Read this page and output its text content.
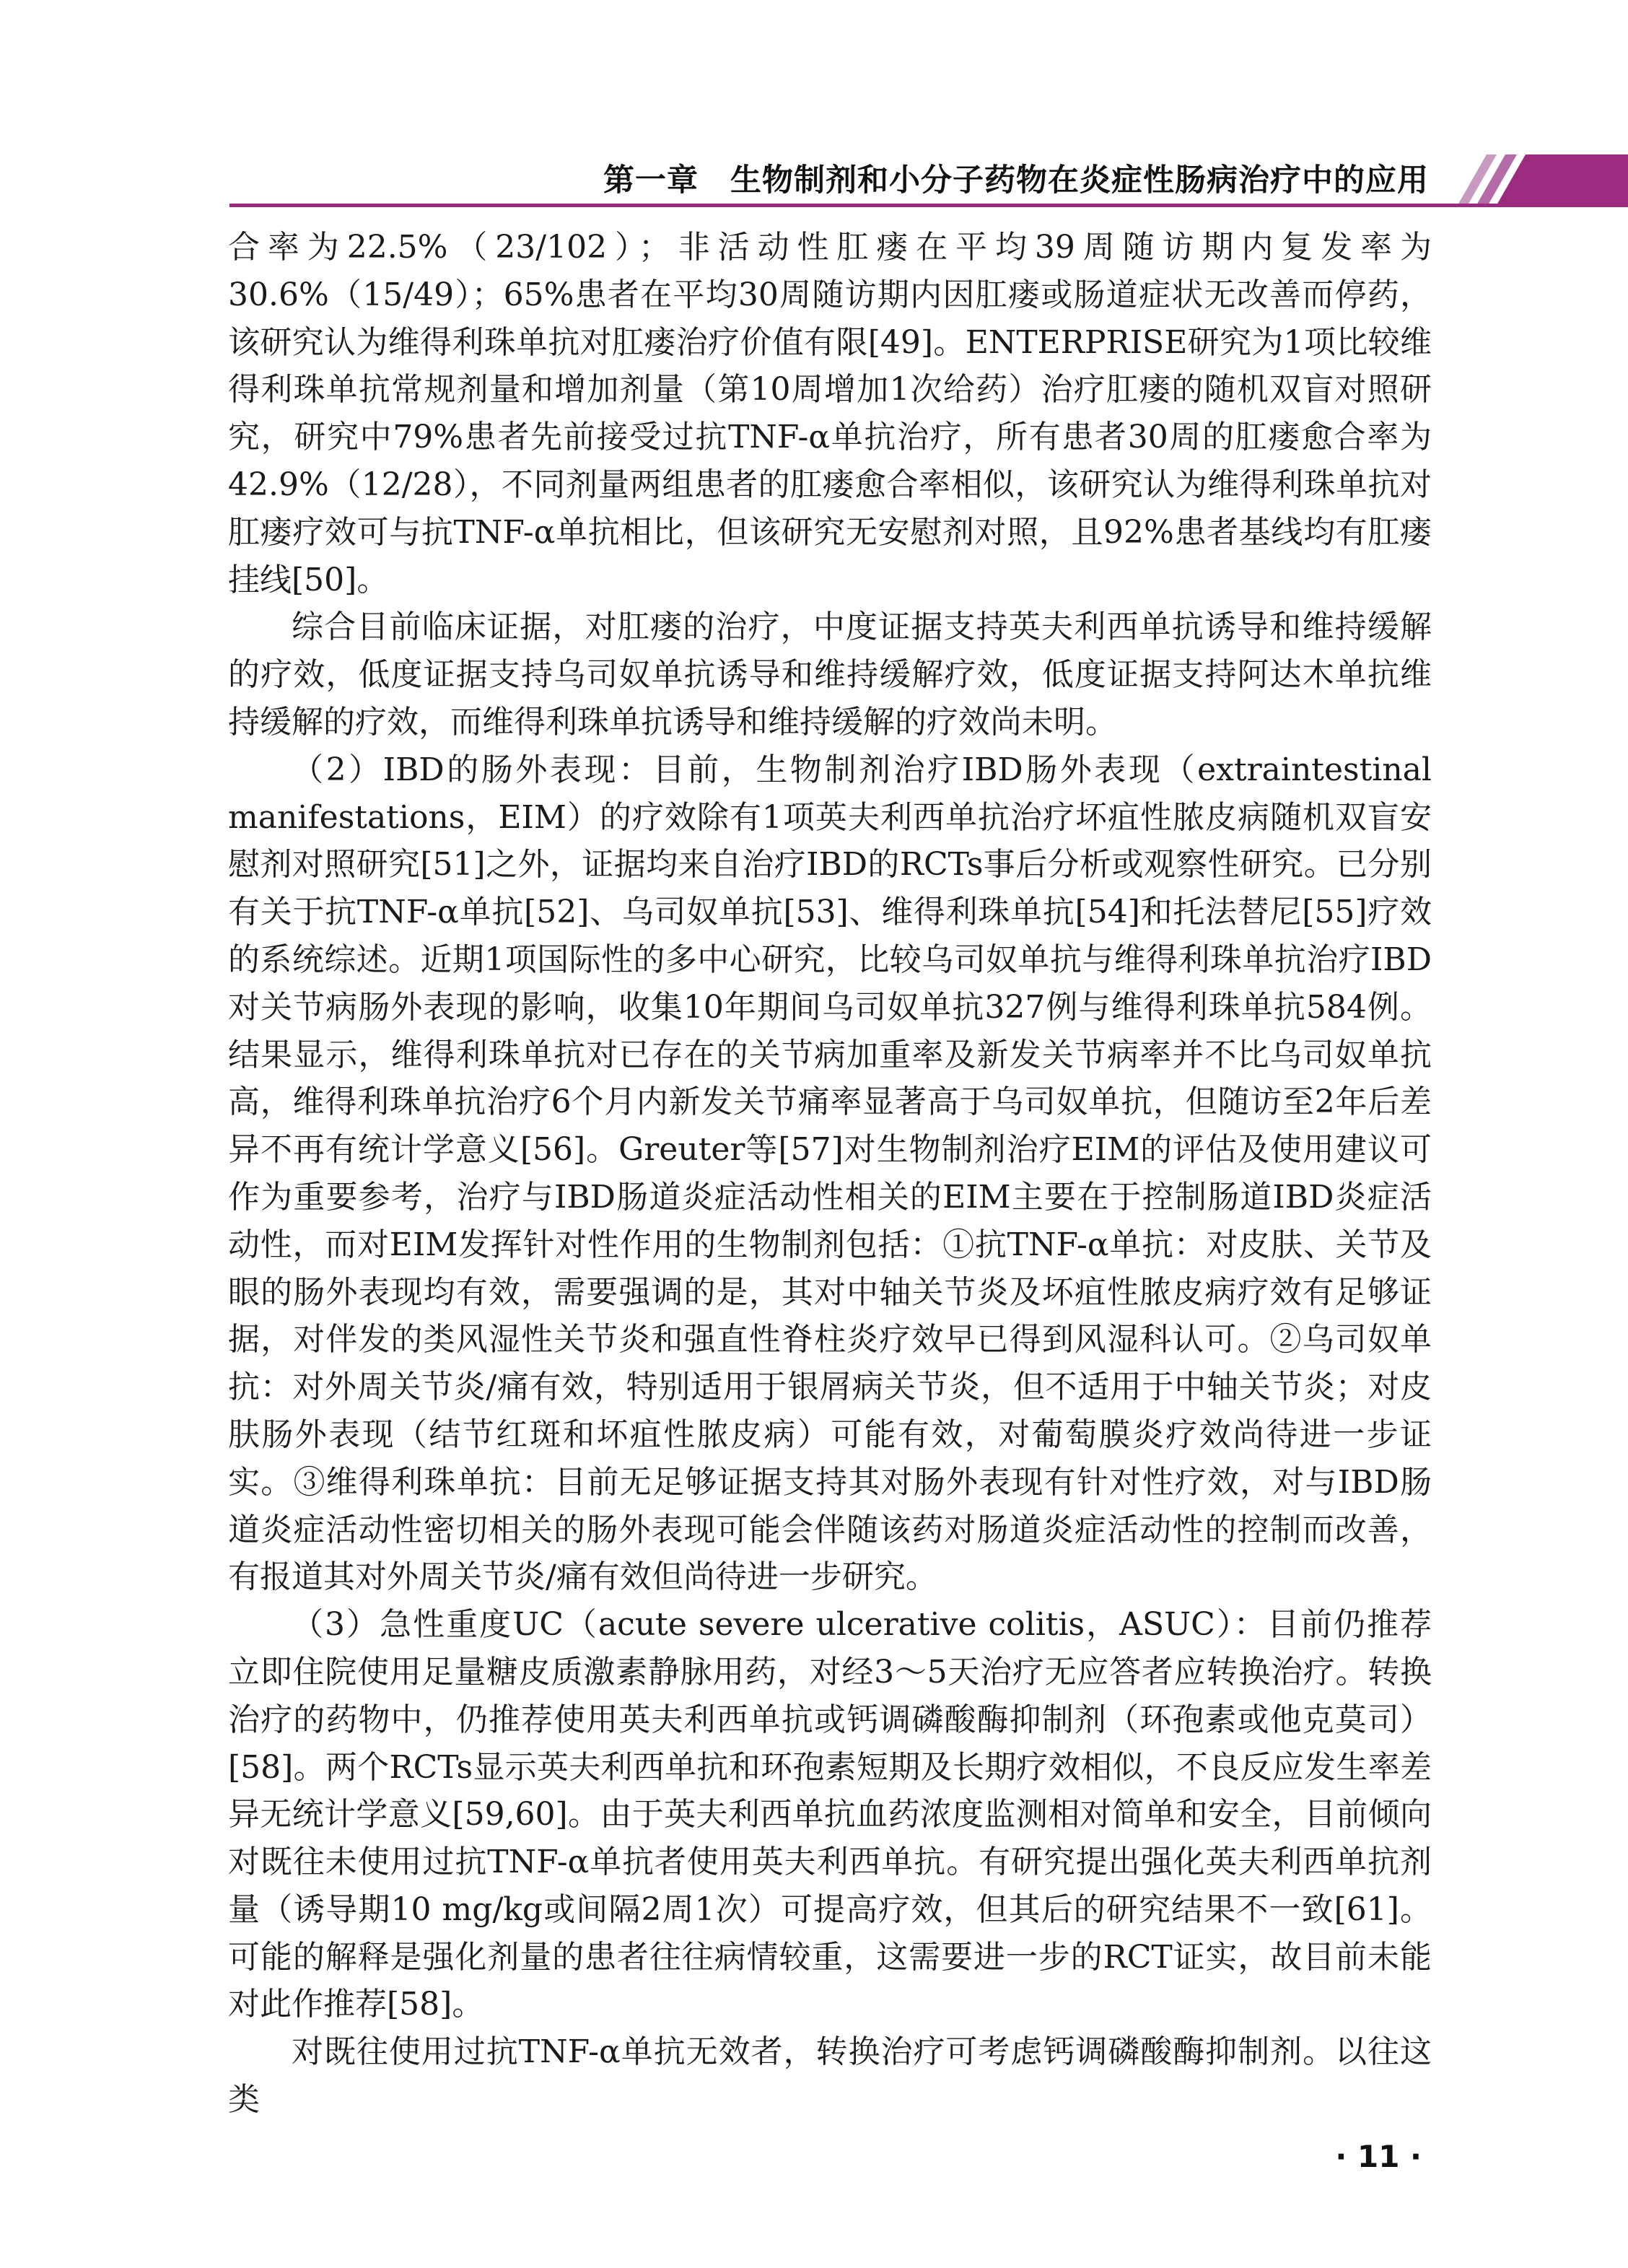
第一章　生物制剂和小分子药物在炎症性肠病治疗中的应用

合率为22.5%（23/102）；非活动性肛瘘在平均39周随访期内复发率为30.6%（15/49）；65%患者在平均30周随访期内因肛瘘或肠道症状无改善而停药，该研究认为维得利珠单抗对肛瘘治疗价值有限[49]。ENTERPRISE研究为1项比较维得利珠单抗常规剂量和增加剂量（第10周增加1次给药）治疗肛瘘的随机双盲对照研究，研究中79%患者先前接受过抗TNF-α单抗治疗，所有患者30周的肛瘘愈合率为42.9%（12/28），不同剂量两组患者的肛瘘愈合率相似，该研究认为维得利珠单抗对肛瘘疗效可与抗TNF-α单抗相比，但该研究无安慰剂对照，且92%患者基线均有肛瘘挂线[50]。

综合目前临床证据，对肛瘘的治疗，中度证据支持英夫利西单抗诱导和维持缓解的疗效，低度证据支持乌司奴单抗诱导和维持缓解疗效，低度证据支持阿达木单抗维持缓解的疗效，而维得利珠单抗诱导和维持缓解的疗效尚未明。

（2）IBD的肠外表现：目前，生物制剂治疗IBD肠外表现（extraintestinal manifestations，EIM）的疗效除有1项英夫利西单抗治疗坏疽性脓皮病随机双盲安慰剂对照研究[51]之外，证据均来自治疗IBD的RCTs事后分析或观察性研究。已分别有关于抗TNF-α单抗[52]、乌司奴单抗[53]、维得利珠单抗[54]和托法替尼[55]疗效的系统综述。近期1项国际性的多中心研究，比较乌司奴单抗与维得利珠单抗治疗IBD对关节病肠外表现的影响，收集10年期间乌司奴单抗327例与维得利珠单抗584例。结果显示，维得利珠单抗对已存在的关节病加重率及新发关节病率并不比乌司奴单抗高，维得利珠单抗治疗6个月内新发关节痛率显著高于乌司奴单抗，但随访至2年后差异不再有统计学意义[56]。Greuter等[57]对生物制剂治疗EIM的评估及使用建议可作为重要参考，治疗与IBD肠道炎症活动性相关的EIM主要在于控制肠道IBD炎症活动性，而对EIM发挥针对性作用的生物制剂包括：①抗TNF-α单抗：对皮肤、关节及眼的肠外表现均有效，需要强调的是，其对中轴关节炎及坏疽性脓皮病疗效有足够证据，对伴发的类风湿性关节炎和强直性脊柱炎疗效早已得到风湿科认可。②乌司奴单抗：对外周关节炎/痛有效，特别适用于银屑病关节炎，但不适用于中轴关节炎；对皮肤肠外表现（结节红斑和坏疽性脓皮病）可能有效，对葡萄膜炎疗效尚待进一步证实。③维得利珠单抗：目前无足够证据支持其对肠外表现有针对性疗效，对与IBD肠道炎症活动性密切相关的肠外表现可能会伴随该药对肠道炎症活动性的控制而改善，有报道其对外周关节炎/痛有效但尚待进一步研究。

（3）急性重度UC（acute severe ulcerative colitis，ASUC）：目前仍推荐立即住院使用足量糖皮质激素静脉用药，对经3～5天治疗无应答者应转换治疗。转换治疗的药物中，仍推荐使用英夫利西单抗或钙调磷酸酶抑制剂（环孢素或他克莫司）[58]。两个RCTs显示英夫利西单抗和环孢素短期及长期疗效相似，不良反应发生率差异无统计学意义[59,60]。由于英夫利西单抗血药浓度监测相对简单和安全，目前倾向对既往未使用过抗TNF-α单抗者使用英夫利西单抗。有研究提出强化英夫利西单抗剂量（诱导期10 mg/kg或间隔2周1次）可提高疗效，但其后的研究结果不一致[61]。可能的解释是强化剂量的患者往往病情较重，这需要进一步的RCT证实，故目前未能对此作推荐[58]。

对既往使用过抗TNF-α单抗无效者，转换治疗可考虑钙调磷酸酶抑制剂。以往这类

· 11 ·
